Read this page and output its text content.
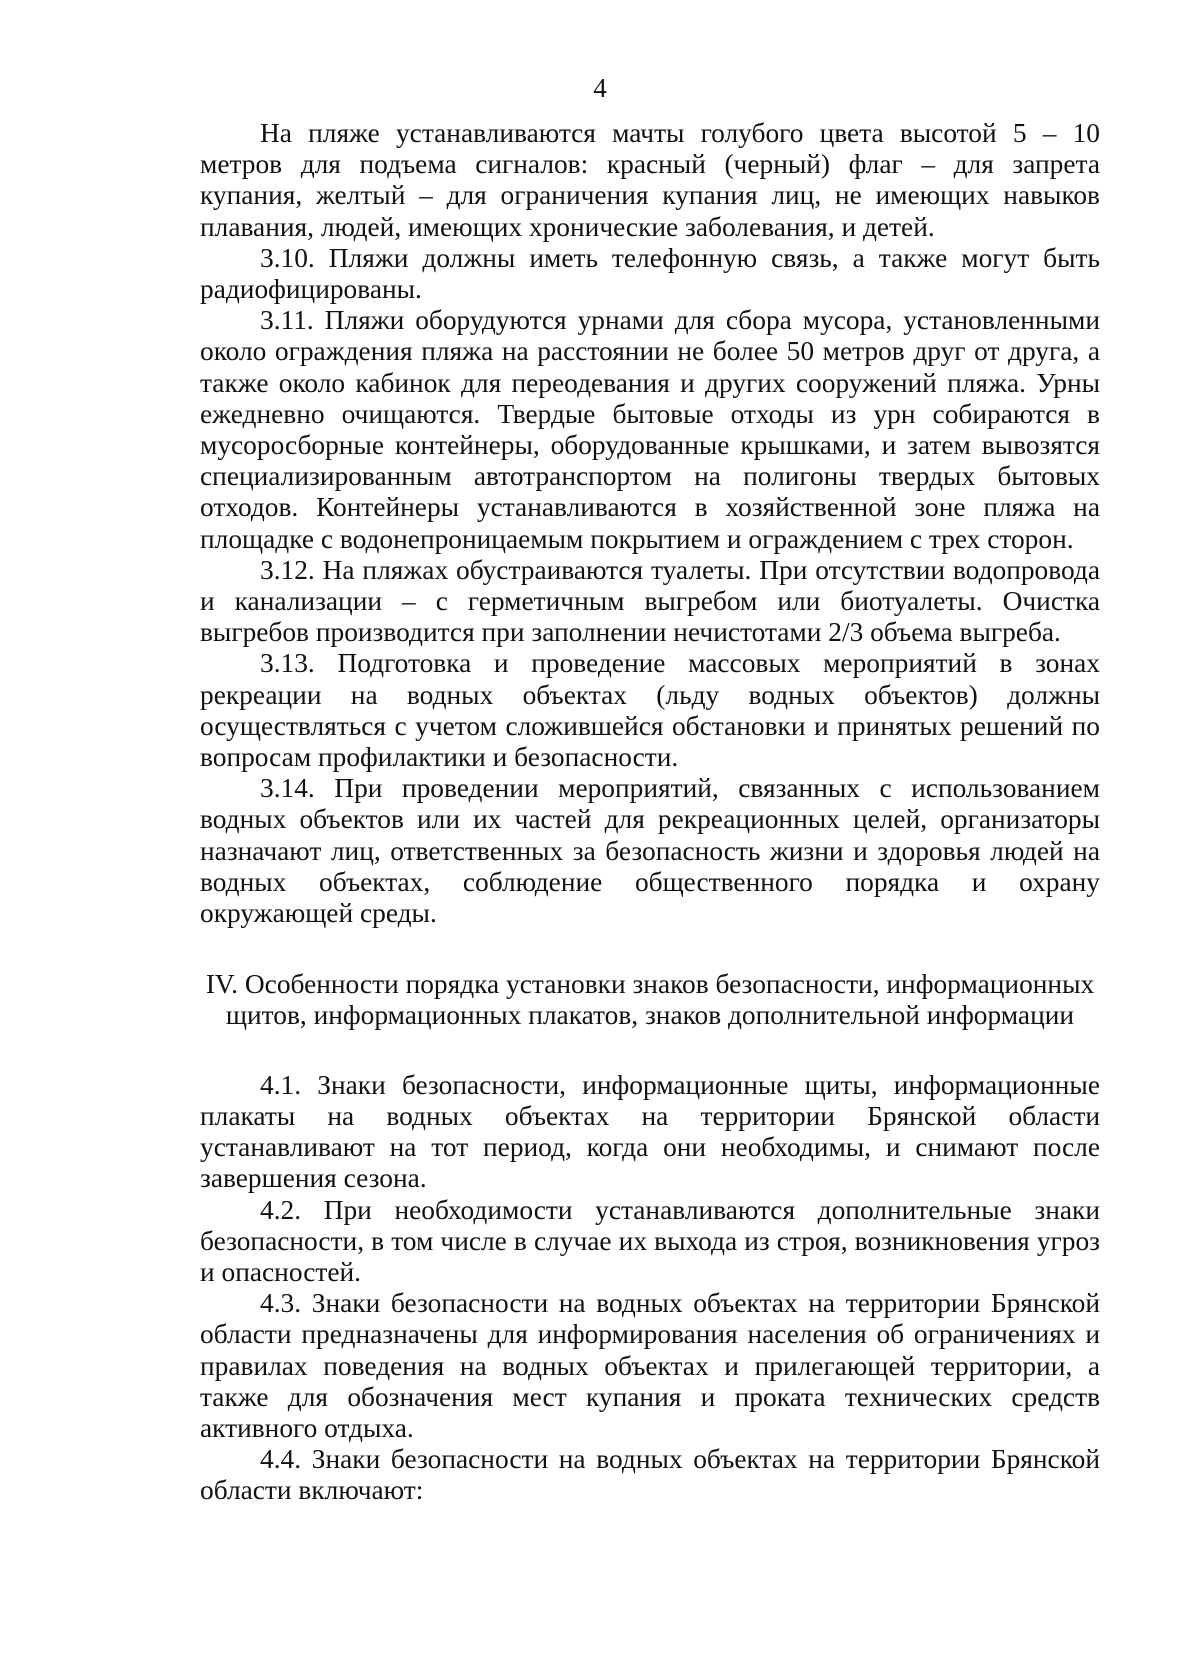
4

На пляже устанавливаются мачты голубого цвета высотой 5 – 10 метров для подъема сигналов: красный (черный) флаг – для запрета купания, желтый – для ограничения купания лиц, не имеющих навыков плавания, людей, имеющих хронические заболевания, и детей.

3.10. Пляжи должны иметь телефонную связь, а также могут быть радиофицированы.

3.11. Пляжи оборудуются урнами для сбора мусора, установленными около ограждения пляжа на расстоянии не более 50 метров друг от друга, а также около кабинок для переодевания и других сооружений пляжа. Урны ежедневно очищаются. Твердые бытовые отходы из урн собираются в мусоросборные контейнеры, оборудованные крышками, и затем вывозятся специализированным автотранспортом на полигоны твердых бытовых отходов. Контейнеры устанавливаются в хозяйственной зоне пляжа на площадке с водонепроницаемым покрытием и ограждением с трех сторон.

3.12. На пляжах обустраиваются туалеты. При отсутствии водопровода и канализации – с герметичным выгребом или биотуалеты. Очистка выгребов производится при заполнении нечистотами 2/3 объема выгреба.

3.13. Подготовка и проведение массовых мероприятий в зонах рекреации на водных объектах (льду водных объектов) должны осуществляться с учетом сложившейся обстановки и принятых решений по вопросам профилактики и безопасности.

3.14. При проведении мероприятий, связанных с использованием водных объектов или их частей для рекреационных целей, организаторы назначают лиц, ответственных за безопасность жизни и здоровья людей на водных объектах, соблюдение общественного порядка и охрану окружающей среды.

IV. Особенности порядка установки знаков безопасности, информационных
щитов, информационных плакатов, знаков дополнительной информации

4.1. Знаки безопасности, информационные щиты, информационные плакаты на водных объектах на территории Брянской области устанавливают на тот период, когда они необходимы, и снимают после завершения сезона.

4.2. При необходимости устанавливаются дополнительные знаки безопасности, в том числе в случае их выхода из строя, возникновения угроз и опасностей.

4.3. Знаки безопасности на водных объектах на территории Брянской области предназначены для информирования населения об ограничениях и правилах поведения на водных объектах и прилегающей территории, а также для обозначения мест купания и проката технических средств активного отдыха.

4.4. Знаки безопасности на водных объектах на территории Брянской области включают:
